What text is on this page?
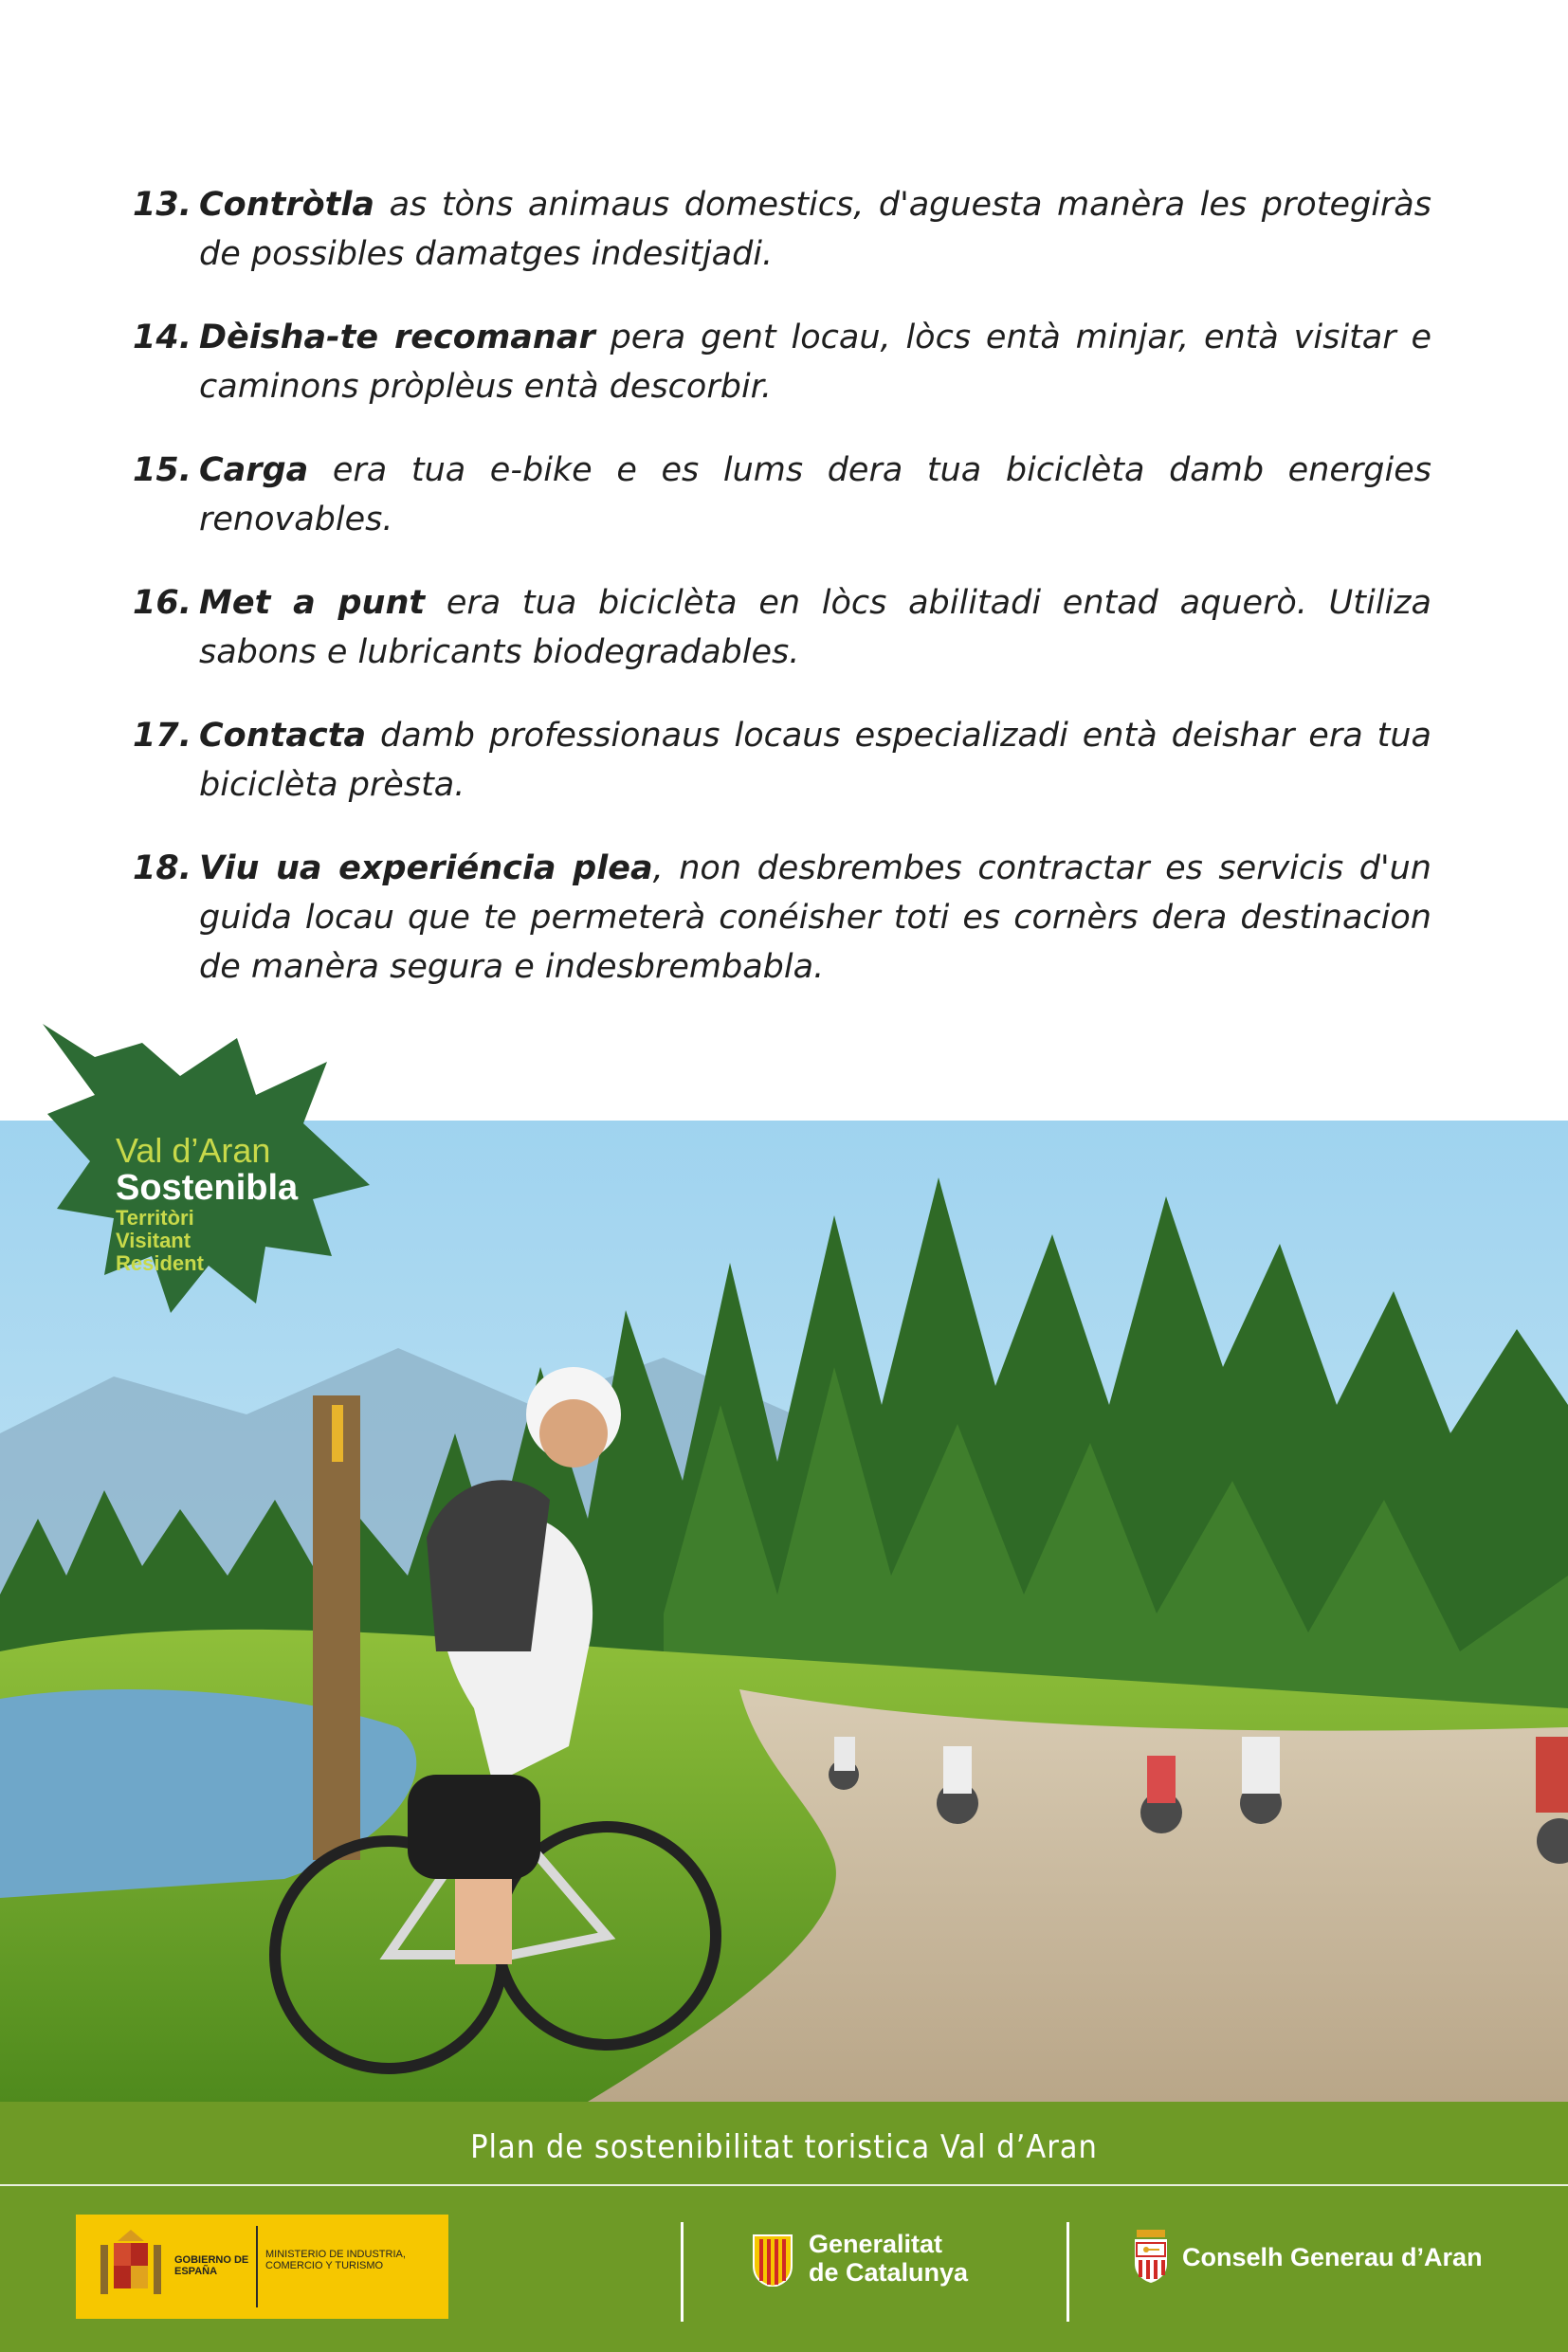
13. Contròtla as tòns animaus domestics, d'aguesta manèra les protegiràs de possibles damatges indesitjadi.
14. Dèisha-te recomanar pera gent locau, lòcs entà minjar, entà visitar e caminons pròplèus entà descorbir.
15. Carga era tua e-bike e es lums dera tua biciclèta damb energies renovables.
16. Met a punt era tua biciclèta en lòcs abilitadi entad aquerò. Utiliza sabons e lubricants biodegradables.
17. Contacta damb professionaus locaus especializadi entà deishar era tua biciclèta prèsta.
18. Viu ua experiéncia plea, non desbrembes contractar es servicis d'un guida locau que te permeterà conéisher toti es cornèrs dera destinacion de manèra segura e indesbrembabla.
Val d’Aran
Sostenibla
Territòri
Visitant
Resident
Plan de sostenibilitat toristica Val d’Aran
GOBIERNO DE ESPAÑA
MINISTERIO DE INDUSTRIA, COMERCIO Y TURISMO
Generalitat
de Catalunya
Conselh Generau d’Aran
